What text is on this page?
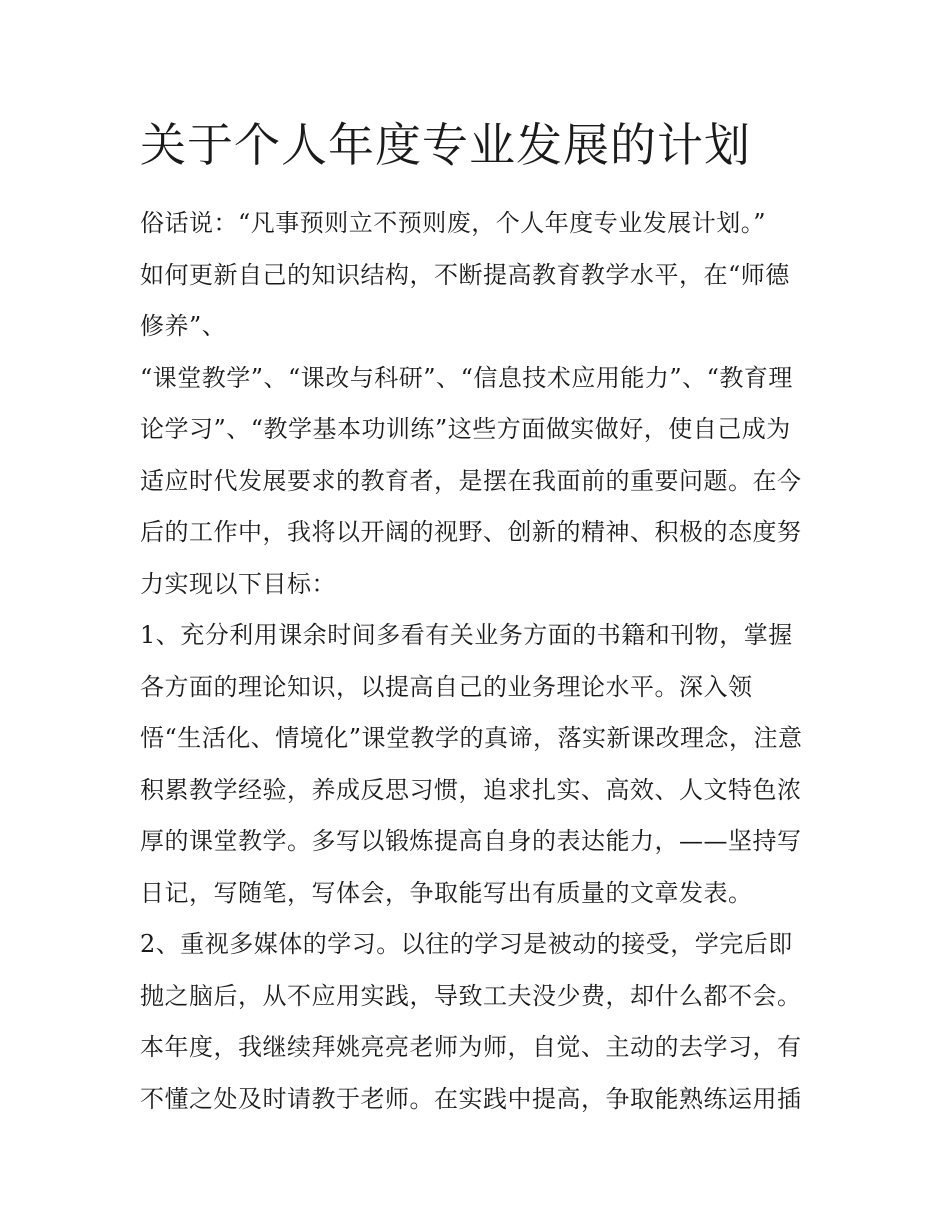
关于个人年度专业发展的计划
俗话说：“凡事预则立不预则废，个人年度专业发展计划。”
如何更新自己的知识结构，不断提高教育教学水平，在“师德
修养”、
“课堂教学”、“课改与科研”、“信息技术应用能力”、“教育理
论学习”、“教学基本功训练”这些方面做实做好，使自己成为
适应时代发展要求的教育者，是摆在我面前的重要问题。在今
后的工作中，我将以开阔的视野、创新的精神、积极的态度努
力实现以下目标：
1、充分利用课余时间多看有关业务方面的书籍和刊物，掌握
各方面的理论知识，以提高自己的业务理论水平。深入领
悟“生活化、情境化”课堂教学的真谛，落实新课改理念，注意
积累教学经验，养成反思习惯，追求扎实、高效、人文特色浓
厚的课堂教学。多写以锻炼提高自身的表达能力，——坚持写
日记，写随笔，写体会，争取能写出有质量的文章发表。
2、重视多媒体的学习。以往的学习是被动的接受，学完后即
抛之脑后，从不应用实践，导致工夫没少费，却什么都不会。
本年度，我继续拜姚亮亮老师为师，自觉、主动的去学习，有
不懂之处及时请教于老师。在实践中提高，争取能熟练运用插
